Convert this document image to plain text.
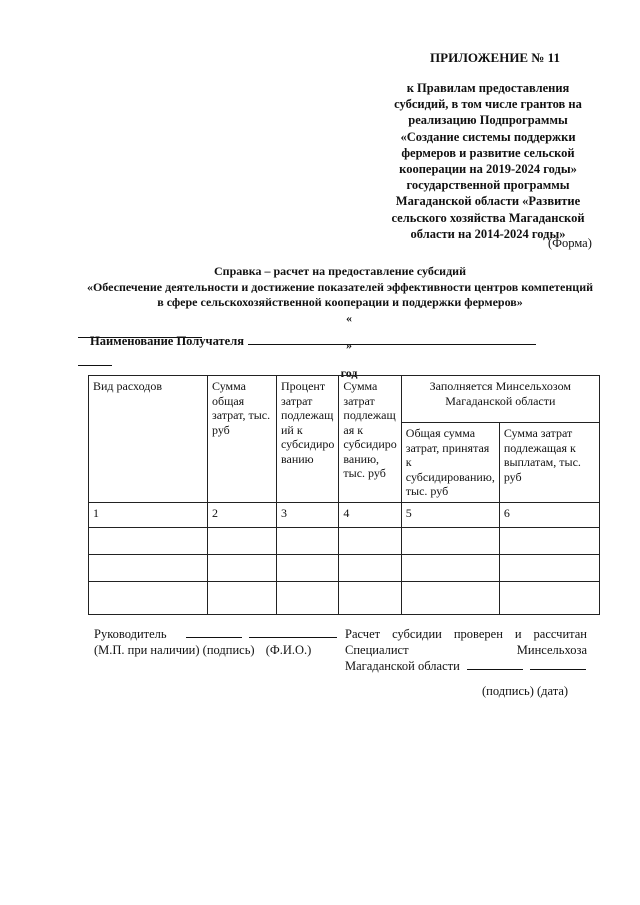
ПРИЛОЖЕНИЕ № 11
к Правилам предоставления
субсидий, в том числе грантов на
реализацию Подпрограммы
«Создание системы поддержки
фермеров и развитие сельской
кооперации на 2019-2024 годы»
государственной программы
Магаданской области «Развитие
сельского хозяйства Магаданской
области на 2014-2024 годы»
(Форма)
Справка – расчет на предоставление субсидий
«Обеспечение деятельности и достижение показателей эффективности центров компетенций
в сфере сельскохозяйственной кооперации и поддержки фермеров»
«
»
год
Наименование Получателя
Вид расходов	Сумма общая затрат, тыс. руб	Процент затрат подлежащ ий к субсидиро ванию	Сумма затрат подлежащ ая к субсидиро ванию, тыс. руб	Заполняется Минсельхозом Магаданской области	
				Общая сумма затрат, принятая к субсидированию, тыс. руб	Сумма затрат подлежащая к выплатам, тыс. руб
1	2	3	4	5	6

Руководитель
(М.П. при наличии) (подпись) (Ф.И.О.)
Расчет субсидии проверен и рассчитан
Специалист	Минсельхоза
Магаданской области
(подпись) (дата)
